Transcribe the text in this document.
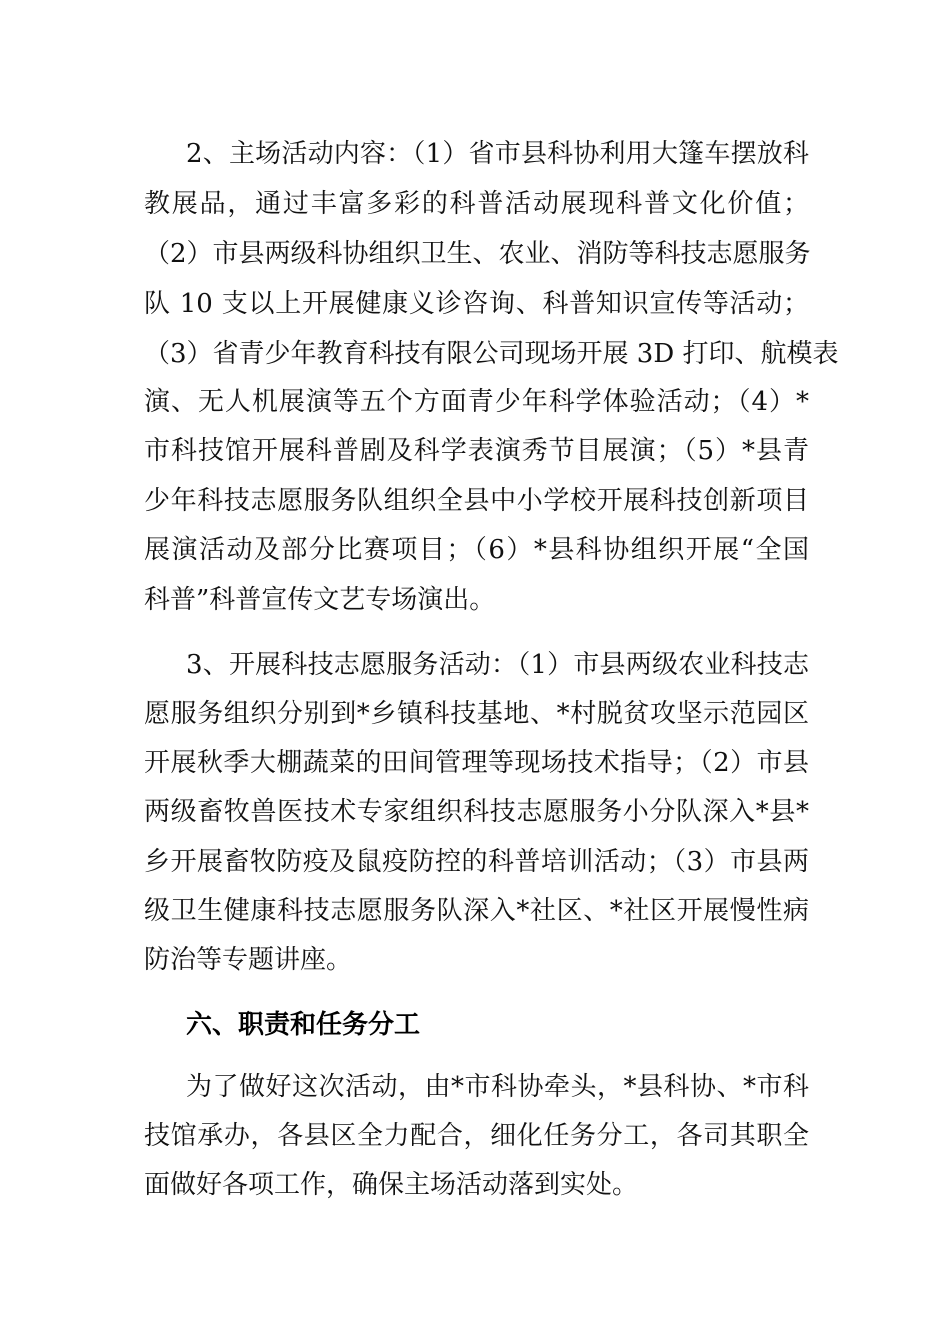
2、主场活动内容：（1）省市县科协利用大篷车摆放科
教展品，通过丰富多彩的科普活动展现科普文化价值；
（2）市县两级科协组织卫生、农业、消防等科技志愿服务
队 10 支以上开展健康义诊咨询、科普知识宣传等活动；
（3）省青少年教育科技有限公司现场开展 3D 打印、航模表
演、无人机展演等五个方面青少年科学体验活动；（4）*
市科技馆开展科普剧及科学表演秀节目展演；（5）*县青
少年科技志愿服务队组织全县中小学校开展科技创新项目
展演活动及部分比赛项目；（6）*县科协组织开展“全国
科普”科普宣传文艺专场演出。
3、开展科技志愿服务活动：（1）市县两级农业科技志
愿服务组织分别到*乡镇科技基地、*村脱贫攻坚示范园区
开展秋季大棚蔬菜的田间管理等现场技术指导；（2）市县
两级畜牧兽医技术专家组织科技志愿服务小分队深入*县*
乡开展畜牧防疫及鼠疫防控的科普培训活动；（3）市县两
级卫生健康科技志愿服务队深入*社区、*社区开展慢性病
防治等专题讲座。
六、职责和任务分工
为了做好这次活动，由*市科协牵头，*县科协、*市科
技馆承办，各县区全力配合，细化任务分工，各司其职全
面做好各项工作，确保主场活动落到实处。
